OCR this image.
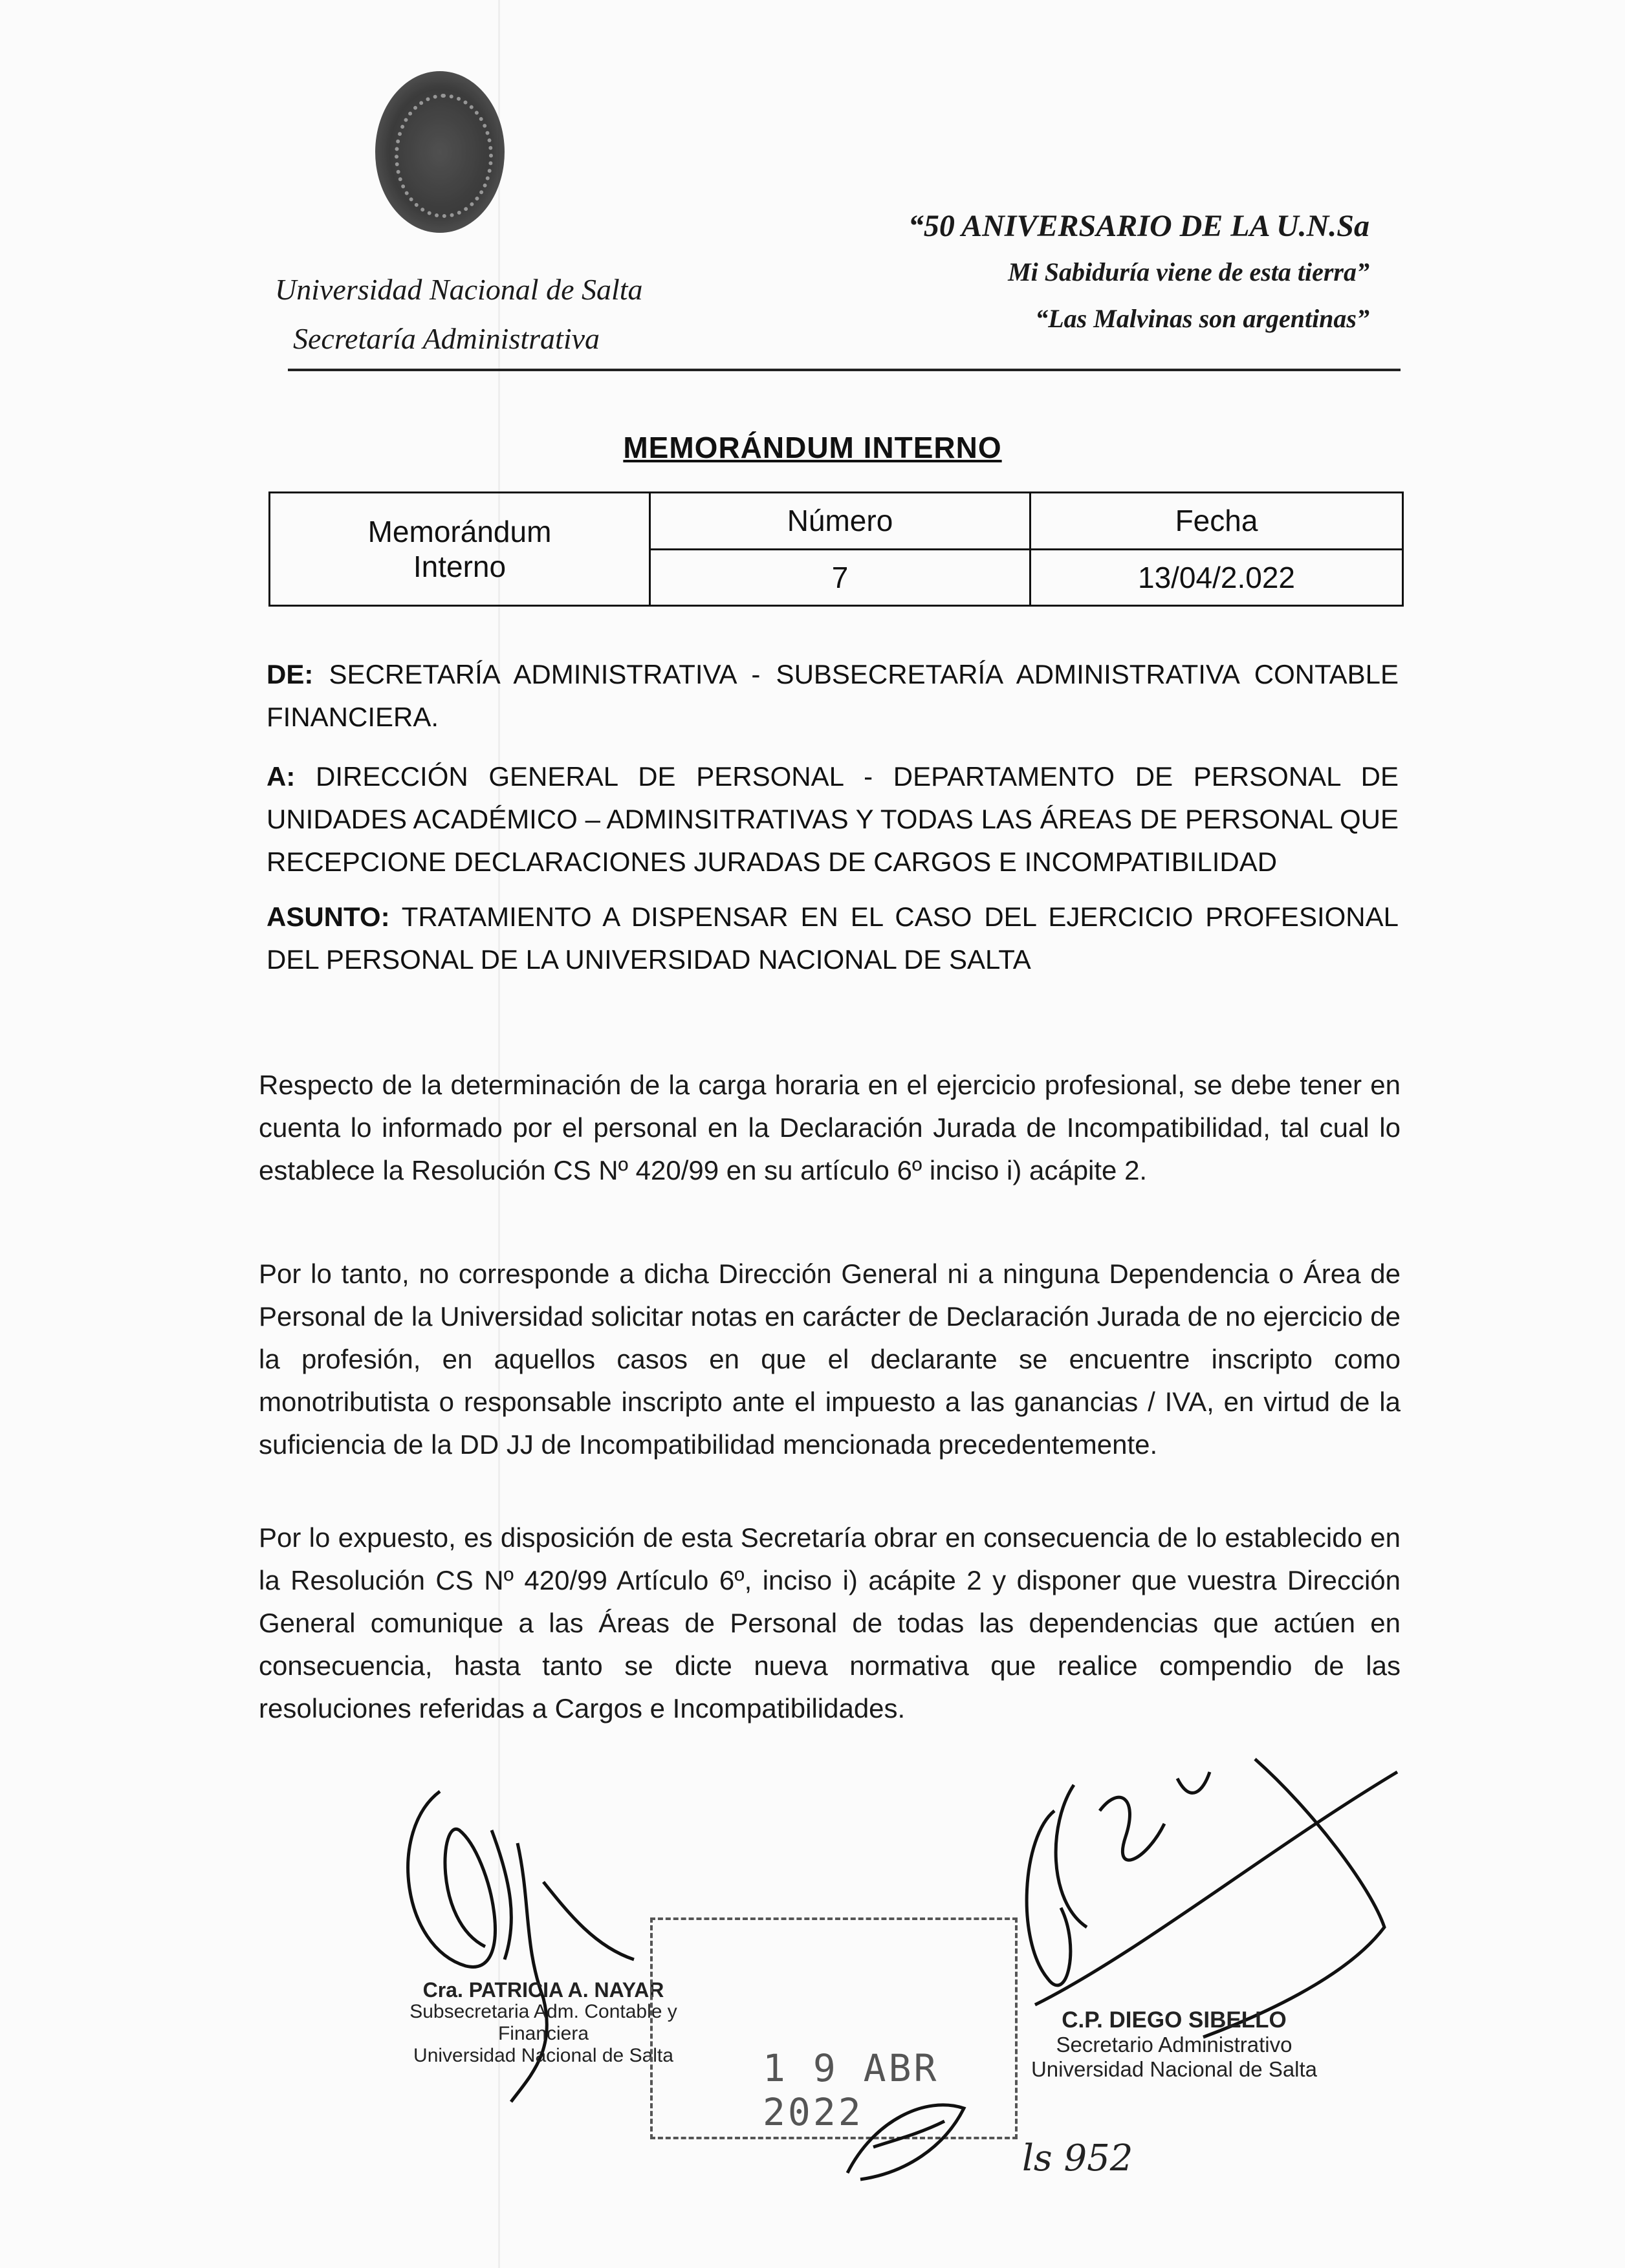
Universidad Nacional de Salta
Secretaría Administrativa
“50 ANIVERSARIO DE LA U.N.Sa
Mi Sabiduría viene de esta tierra”
“Las Malvinas son argentinas”
MEMORÁNDUM INTERNO
Memorándum
Interno	Número	Fecha
	7	13/04/2.022
DE: SECRETARÍA ADMINISTRATIVA - SUBSECRETARÍA ADMINISTRATIVA CONTABLE FINANCIERA.
A: DIRECCIÓN GENERAL DE PERSONAL - DEPARTAMENTO DE PERSONAL DE UNIDADES ACADÉMICO – ADMINSITRATIVAS Y TODAS LAS ÁREAS DE PERSONAL QUE RECEPCIONE DECLARACIONES JURADAS DE CARGOS E INCOMPATIBILIDAD
ASUNTO: TRATAMIENTO A DISPENSAR EN EL CASO DEL EJERCICIO PROFESIONAL DEL PERSONAL DE LA UNIVERSIDAD NACIONAL DE SALTA
Respecto de la determinación de la carga horaria en el ejercicio profesional, se debe tener en cuenta lo informado por el personal en la Declaración Jurada de Incompatibilidad, tal cual lo establece la Resolución CS Nº 420/99 en su artículo 6º inciso i) acápite 2.
Por lo tanto, no corresponde a dicha Dirección General ni a ninguna Dependencia o Área de Personal de la Universidad solicitar notas en carácter de Declaración Jurada de no ejercicio de la profesión, en aquellos casos en que el declarante se encuentre inscripto como monotributista o responsable inscripto ante el impuesto a las ganancias / IVA, en virtud de la suficiencia de la DD JJ de Incompatibilidad mencionada precedentemente.
Por lo expuesto, es disposición de esta Secretaría obrar en consecuencia de lo establecido en la Resolución CS Nº 420/99 Artículo 6º, inciso i) acápite 2 y disponer que vuestra Dirección General comunique a las Áreas de Personal de todas las dependencias que actúen en consecuencia, hasta tanto se dicte nueva normativa que realice compendio de las resoluciones referidas a Cargos e Incompatibilidades.
Cra. PATRICIA A. NAYAR
Subsecretaria Adm. Contable y Financiera
Universidad Nacional de Salta 1 9 ABR 2022
C.P. DIEGO SIBELLO
Secretario Administrativo
Universidad Nacional de Salta
ls 952
